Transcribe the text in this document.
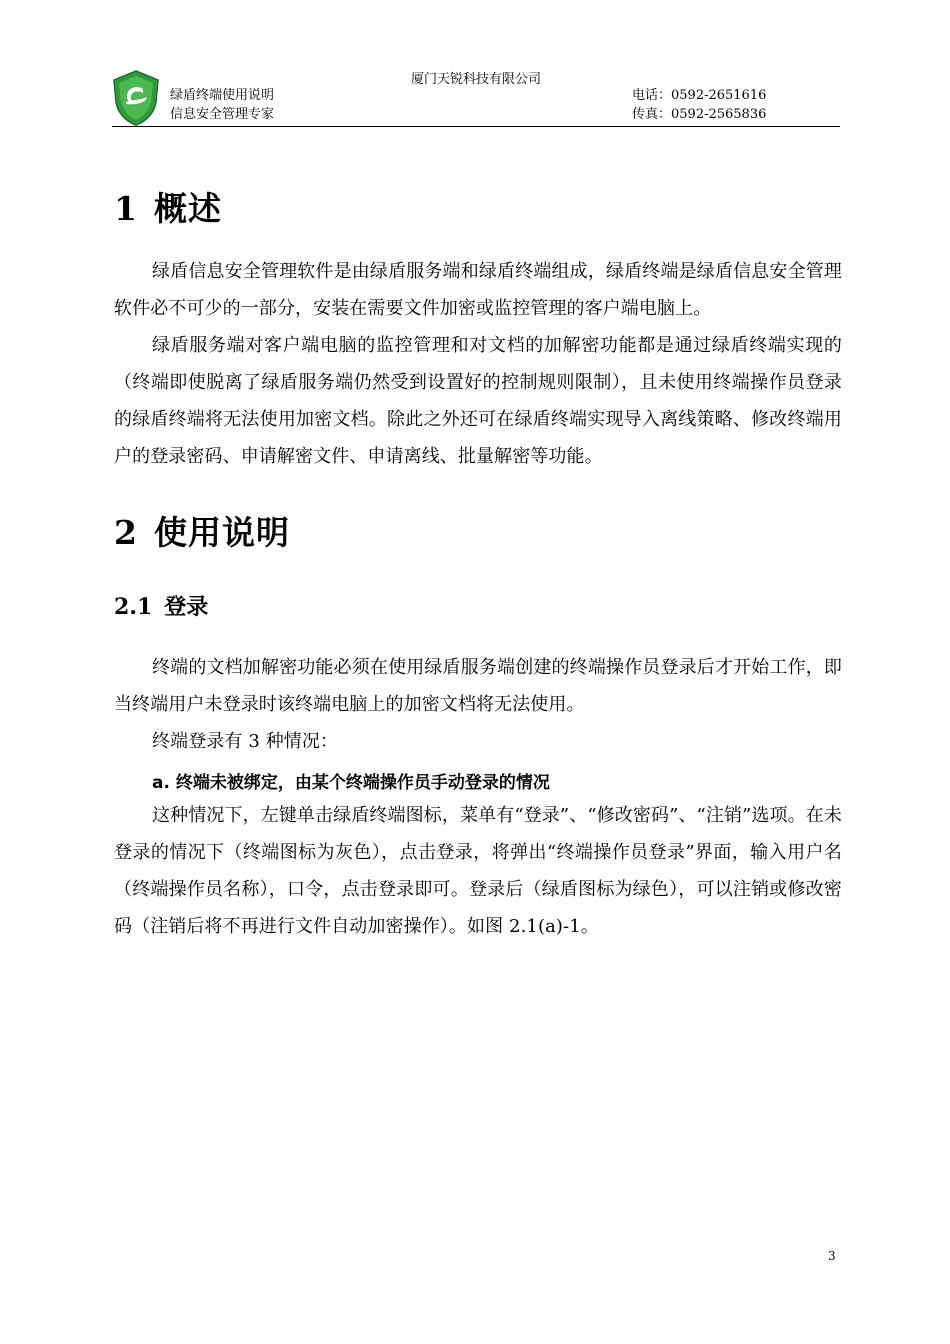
厦门天锐科技有限公司
绿盾终端使用说明
信息安全管理专家
电话：0592-2651616
传真：0592-2565836
1 概述
绿盾信息安全管理软件是由绿盾服务端和绿盾终端组成，绿盾终端是绿盾信息安全管理软件必不可少的一部分，安装在需要文件加密或监控管理的客户端电脑上。
绿盾服务端对客户端电脑的监控管理和对文档的加解密功能都是通过绿盾终端实现的（终端即使脱离了绿盾服务端仍然受到设置好的控制规则限制），且未使用终端操作员登录的绿盾终端将无法使用加密文档。除此之外还可在绿盾终端实现导入离线策略、修改终端用户的登录密码、申请解密文件、申请离线、批量解密等功能。
2 使用说明
2.1 登录
终端的文档加解密功能必须在使用绿盾服务端创建的终端操作员登录后才开始工作，即当终端用户未登录时该终端电脑上的加密文档将无法使用。
终端登录有 3 种情况：
a. 终端未被绑定，由某个终端操作员手动登录的情况
这种情况下，左键单击绿盾终端图标，菜单有“登录”、“修改密码”、“注销”选项。在未登录的情况下（终端图标为灰色），点击登录，将弹出“终端操作员登录”界面，输入用户名（终端操作员名称），口令，点击登录即可。登录后（绿盾图标为绿色），可以注销或修改密码（注销后将不再进行文件自动加密操作）。如图 2.1(a)-1。
3
